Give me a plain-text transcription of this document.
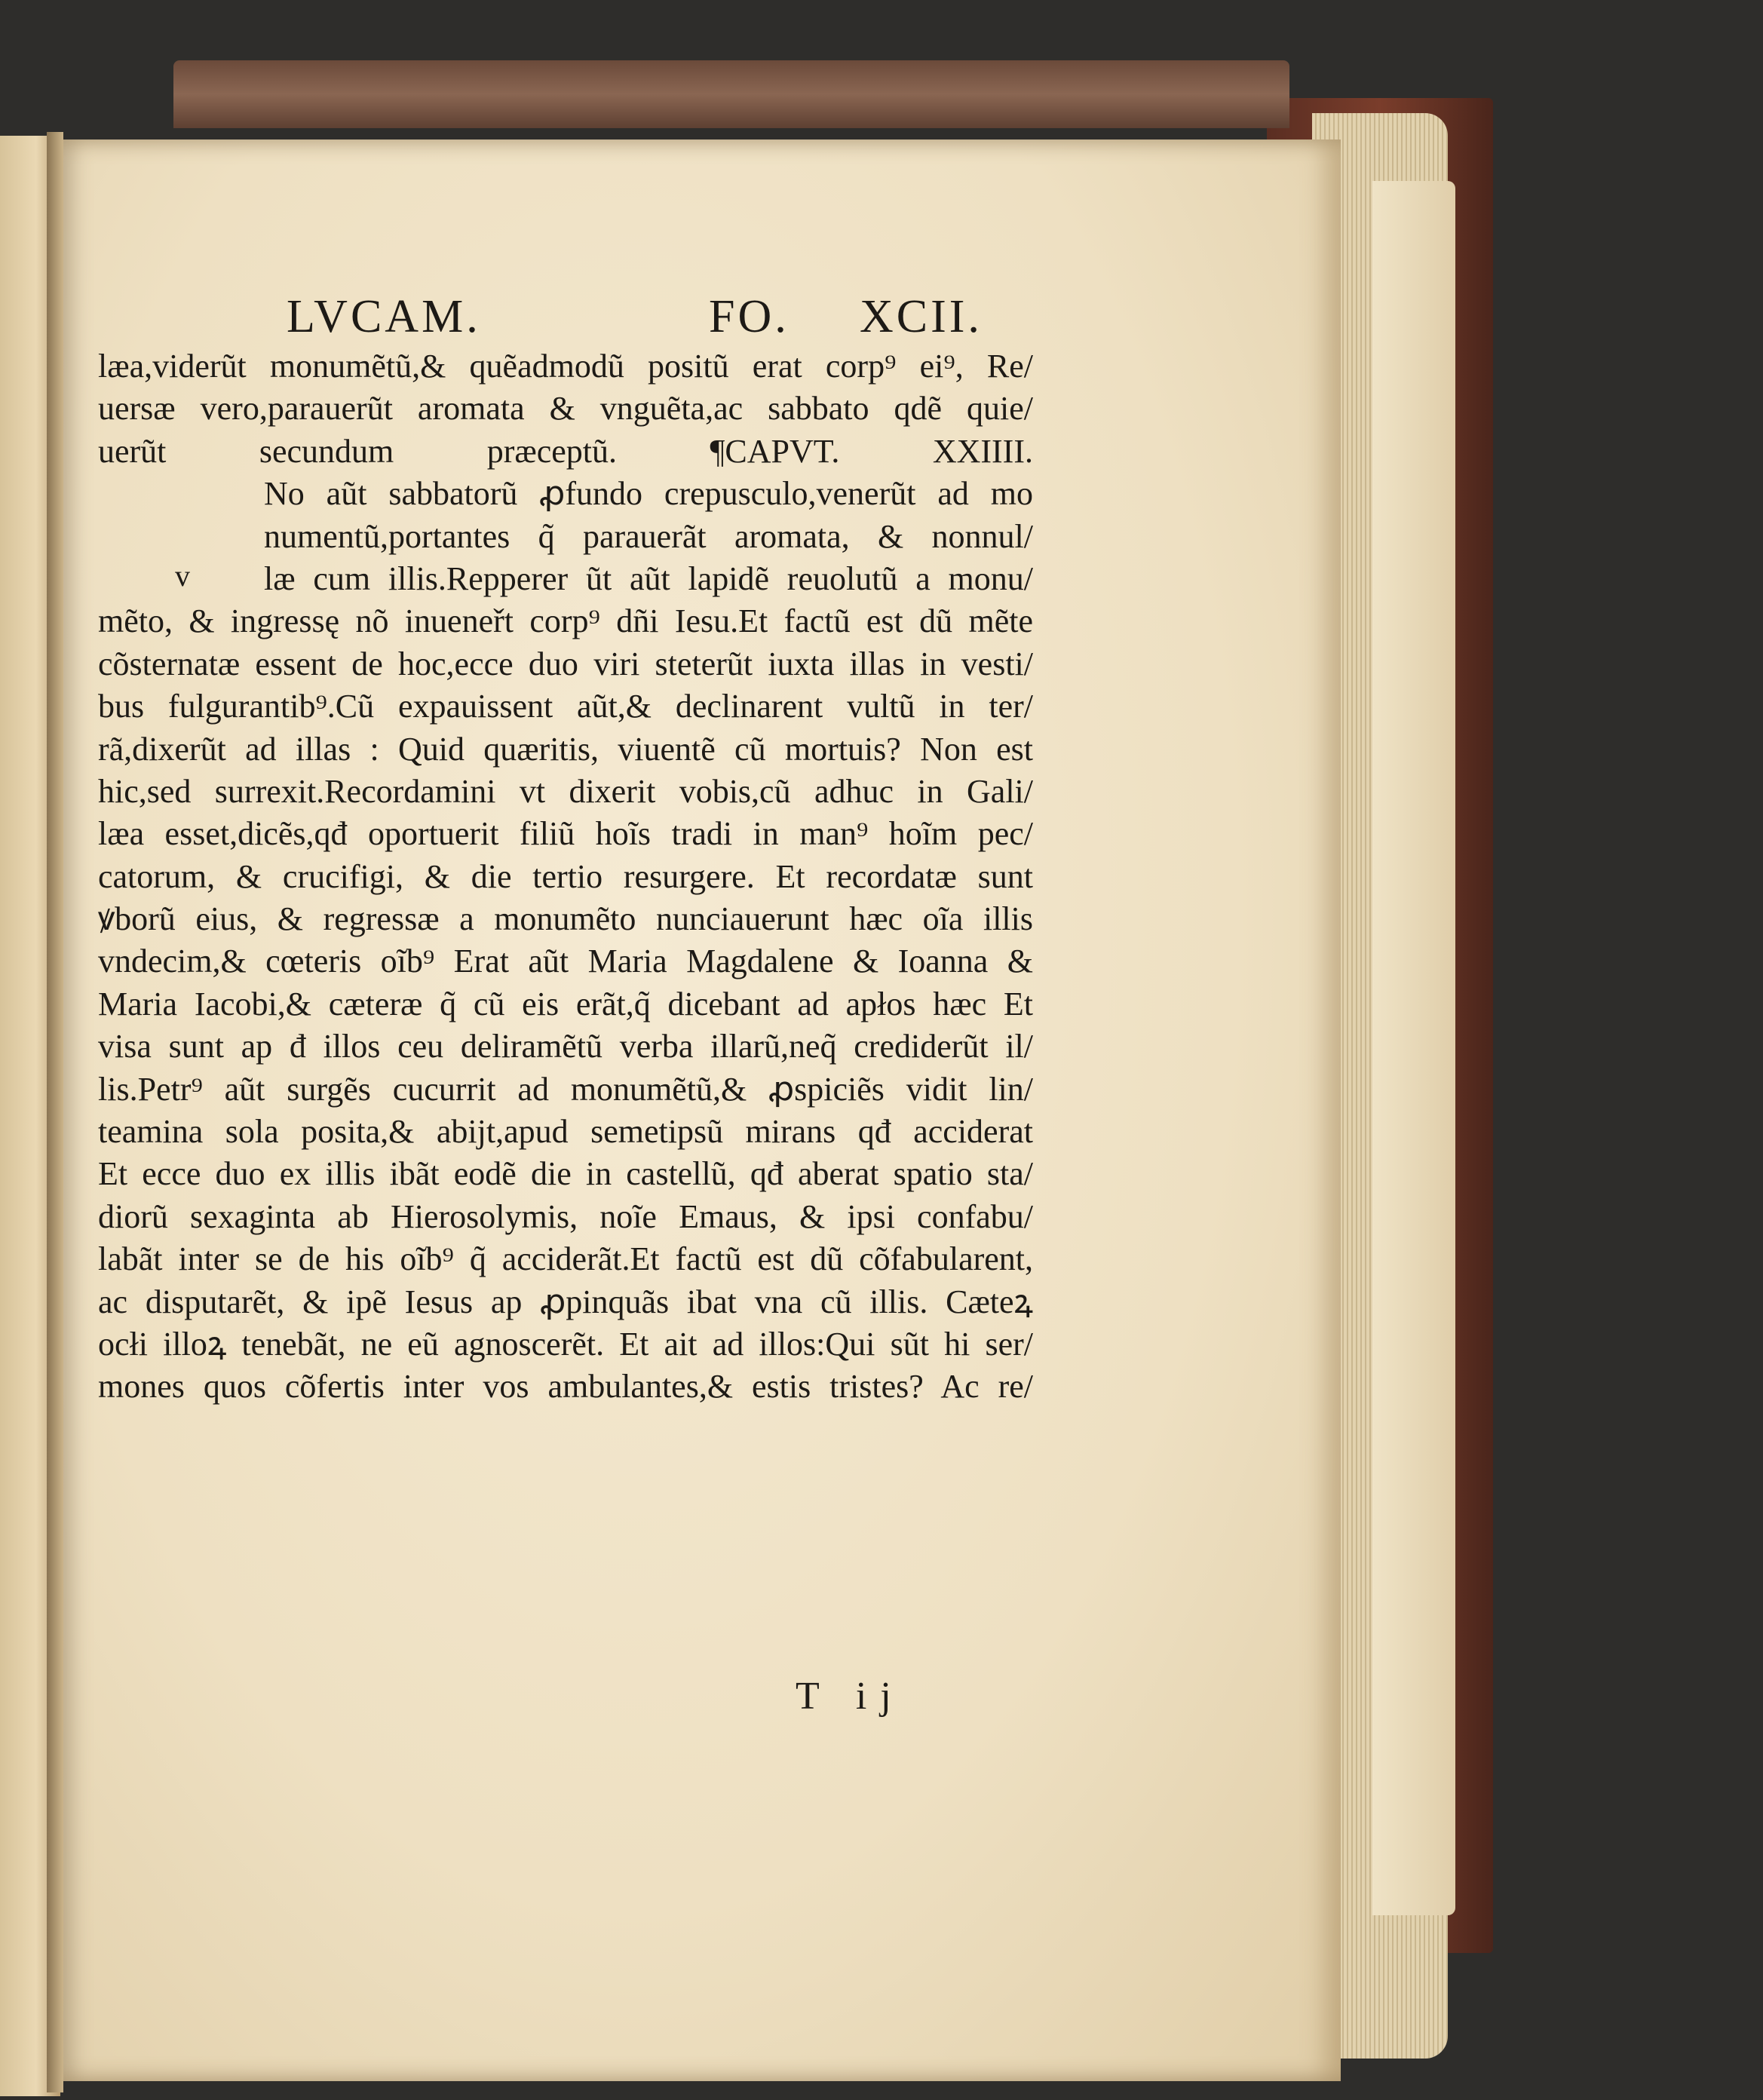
LVCAM.	FO. XCII.
v
læa,viderũt monumẽtũ,& quẽadmodũ positũ erat corp⁹ ei⁹, Re/
uersæ vero,parauerũt aromata & vnguẽta,ac sabbato qdẽ quie/
uerũt secundum præceptũ. ¶CAPVT. XXIIII.
No aũt sabbatorũ ꝓfundo crepusculo,venerũt ad mo
numentũ,portantes q̃ parauerãt aromata, & nonnul/
læ cum illis.Repperer ũt aũt lapidẽ reuolutũ a monu/
mẽto, & ingressę nõ inueneřt corp⁹ dñi Iesu.Et factũ est dũ mẽte
cõsternatæ essent de hoc,ecce duo viri steterũt iuxta illas in vesti/
bus fulgurantib⁹.Cũ expauissent aũt,& declinarent vultũ in ter/
rã,dixerũt ad illas : Quid quæritis, viuentẽ cũ mortuis? Non est
hic,sed surrexit.Recordamini vt dixerit vobis,cũ adhuc in Gali/
læa esset,dicẽs,qđ oportuerit filiũ hoĩs tradi in man⁹ hoĩm pec/
catorum, & crucifigi, & die tertio resurgere. Et recordatæ sunt
ꝟborũ eius, & regressæ a monumẽto nunciauerunt hæc oĩa illis
vndecim,& cœteris oĩb⁹ Erat aũt Maria Magdalene & Ioanna &
Maria Iacobi,& cæteræ q̃ cũ eis erãt,q̃ dicebant ad apłos hæc Et
visa sunt ap đ illos ceu deliramẽtũ verba illarũ,neq̃ crediderũt il/
lis.Petr⁹ aũt surgẽs cucurrit ad monumẽtũ,& ꝓspiciẽs vidit lin/
teamina sola posita,& abijt,apud semetipsũ mirans qđ acciderat
Et ecce duo ex illis ibãt eodẽ die in castellũ, qđ aberat spatio sta/
diorũ sexaginta ab Hierosolymis, noĩe Emaus, & ipsi confabu/
labãt inter se de his oĩb⁹ q̃ acciderãt.Et factũ est dũ cõfabularent,
ac disputarẽt, & ipẽ Iesus ap ꝓpinquãs ibat vna cũ illis. Cæteꝝ
ocłi illoꝝ tenebãt, ne eũ agnoscerẽt. Et ait ad illos:Qui sũt hi ser/
mones quos cõfertis inter vos ambulantes,& estis tristes? Ac re/
T ij
